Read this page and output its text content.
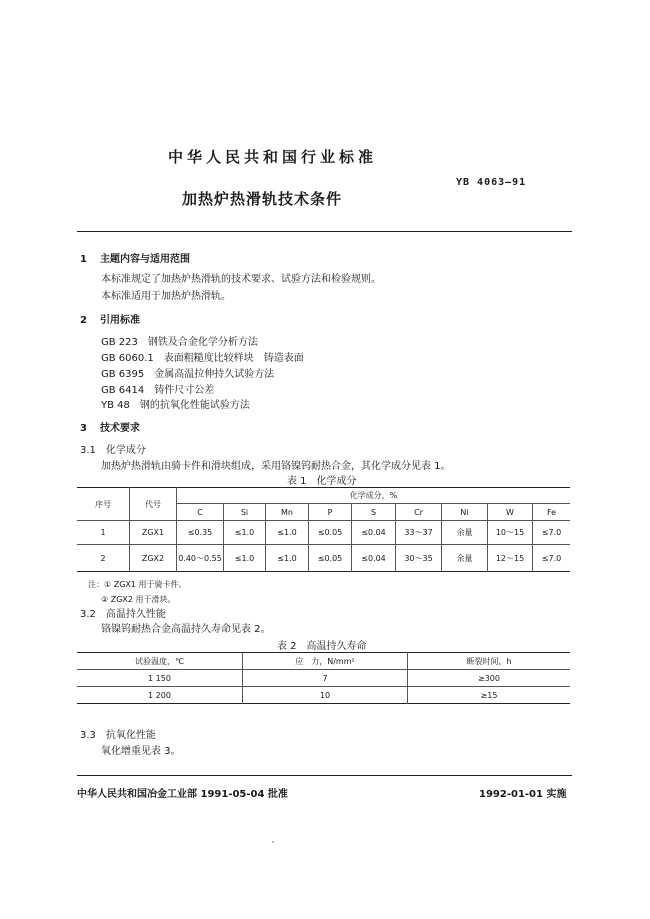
中华人民共和国行业标准
YB 4063—91
加热炉热滑轨技术条件
1 主题内容与适用范围
本标准规定了加热炉热滑轨的技术要求、试验方法和检验规则。
本标准适用于加热炉热滑轨。
2 引用标准
GB 223　钢铁及合金化学分析方法
GB 6060.1　表面粗糙度比较样块　铸造表面
GB 6395　金属高温拉伸持久试验方法
GB 6414　铸件尺寸公差
YB 48　钢的抗氧化性能试验方法
3 技术要求
3.1　化学成分
加热炉热滑轨由骑卡件和滑块组成，采用铬镍钨耐热合金，其化学成分见表 1。
表 1　化学成分
序号	代号	化学成分，%								
		C	Si	Mn	P	S	Cr	Ni	W	Fe
1	ZGX1	≤0.35	≤1.0	≤1.0	≤0.05	≤0.04	33～37	余量	10～15	≤7.0
2	ZGX2	0.40～0.55	≤1.0	≤1.0	≤0.05	≤0.04	30～35	余量	12～15	≤7.0
注：① ZGX1 用于骑卡件。
② ZGX2 用于滑块。
3.2　高温持久性能
铬镍钨耐热合金高温持久寿命见表 2。
表 2　高温持久寿命
试验温度，℃	应　力，N/mm²	断裂时间，h
1 150	7	≥300
1 200	10	≥15
3.3　抗氧化性能
氧化增重见表 3。
中华人民共和国冶金工业部 1991-05-04 批准	1992-01-01 实施
